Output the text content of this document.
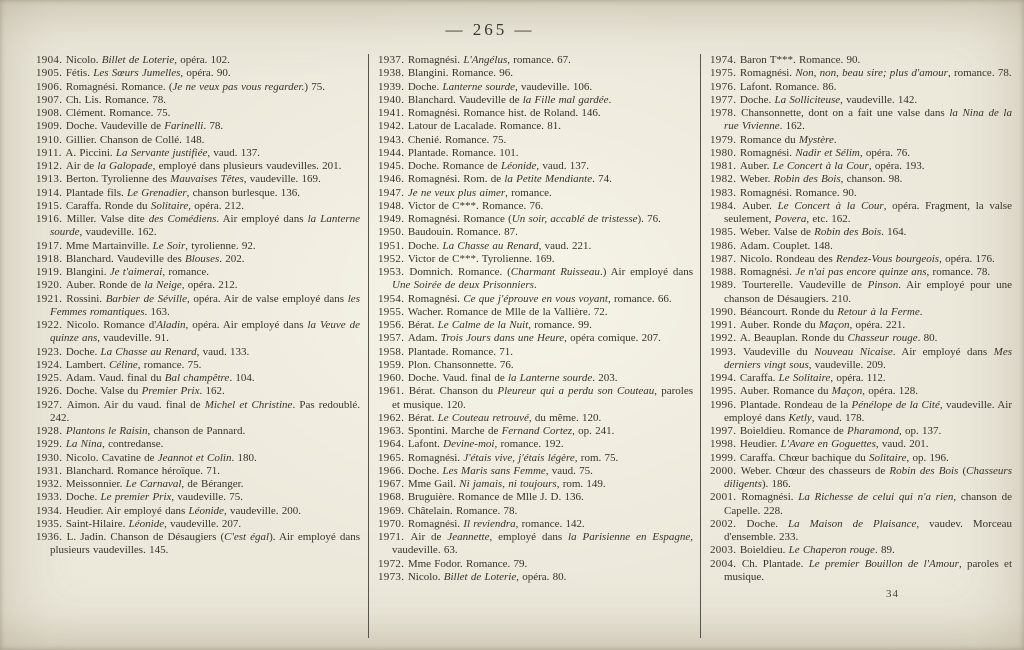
— 265 —
1904. Nicolo. Billet de Loterie, opéra. 102.
1905. Fétis. Les Sœurs Jumelles, opéra. 90.
1906. Romagnési. Romance. (Je ne veux pas vous regarder.) 75.
1907. Ch. Lis. Romance. 78.
1908. Clément. Romance. 75.
1909. Doche. Vaudeville de Farinelli. 78.
1910. Gillier. Chanson de Collé. 148.
1911. A. Piccini. La Servante justifiée, vaud. 137.
1912. Air de la Galopade, employé dans plusieurs vaudevilles. 201.
1913. Berton. Tyrolienne des Mauvaises Têtes, vaudeville. 169.
1914. Plantade fils. Le Grenadier, chanson burlesque. 136.
1915. Caraffa. Ronde du Solitaire, opéra. 212.
1916. Miller. Valse dite des Comédiens. Air employé dans la Lanterne sourde, vaudeville. 162.
1917. Mme Martainville. Le Soir, tyrolienne. 92.
1918. Blanchard. Vaudeville des Blouses. 202.
1919. Blangini. Je t'aimerai, romance.
1920. Auber. Ronde de la Neige, opéra. 212.
1921. Rossini. Barbier de Séville, opéra. Air de valse employé dans les Femmes romantiques. 163.
1922. Nicolo. Romance d'Aladin, opéra. Air employé dans la Veuve de quinze ans, vaudeville. 91.
1923. Doche. La Chasse au Renard, vaud. 133.
1924. Lambert. Céline, romance. 75.
1925. Adam. Vaud. final du Bal champêtre. 104.
1926. Doche. Valse du Premier Prix. 162.
1927. Aimon. Air du vaud. final de Michel et Christine. Pas redoublé. 242.
1928. Plantons le Raisin, chanson de Pannard.
1929. La Nina, contredanse.
1930. Nicolo. Cavatine de Jeannot et Colin. 180.
1931. Blanchard. Romance héroïque. 71.
1932. Meissonnier. Le Carnaval, de Béranger.
1933. Doche. Le premier Prix, vaudeville. 75.
1934. Heudier. Air employé dans Léonide, vaudeville. 200.
1935. Saint-Hilaire. Léonide, vaudeville. 207.
1936. L. Jadin. Chanson de Désaugiers (C'est égal). Air employé dans plusieurs vaudevilles. 145.
1937. Romagnési. L'Angélus, romance. 67.
1938. Blangini. Romance. 96.
1939. Doche. Lanterne sourde, vaudeville. 106.
1940. Blanchard. Vaudeville de la Fille mal gardée.
1941. Romagnési. Romance hist. de Roland. 146.
1942. Latour de Lacalade. Romance. 81.
1943. Chenié. Romance. 75.
1944. Plantade. Romance. 101.
1945. Doche. Romance de Léonide, vaud. 137.
1946. Romagnési. Rom. de la Petite Mendiante. 74.
1947. Je ne veux plus aimer, romance.
1948. Victor de C***. Romance. 76.
1949. Romagnési. Romance (Un soir, accablé de tristesse). 76.
1950. Baudouin. Romance. 87.
1951. Doche. La Chasse au Renard, vaud. 221.
1952. Victor de C***. Tyrolienne. 169.
1953. Domnich. Romance. (Charmant Ruisseau.) Air employé dans Une Soirée de deux Prisonniers.
1954. Romagnési. Ce que j'éprouve en vous voyant, romance. 66.
1955. Wacher. Romance de Mlle de la Vallière. 72.
1956. Bérat. Le Calme de la Nuit, romance. 99.
1957. Adam. Trois Jours dans une Heure, opéra comique. 207.
1958. Plantade. Romance. 71.
1959. Plon. Chansonnette. 76.
1960. Doche. Vaud. final de la Lanterne sourde. 203.
1961. Bérat. Chanson du Pleureur qui a perdu son Couteau, paroles et musique. 120.
1962. Bérat. Le Couteau retrouvé, du même. 120.
1963. Spontini. Marche de Fernand Cortez, op. 241.
1964. Lafont. Devine-moi, romance. 192.
1965. Romagnési. J'étais vive, j'étais légère, rom. 75.
1966. Doche. Les Maris sans Femme, vaud. 75.
1967. Mme Gail. Ni jamais, ni toujours, rom. 149.
1968. Bruguière. Romance de Mlle J. D. 136.
1969. Châtelain. Romance. 78.
1970. Romagnési. Il reviendra, romance. 142.
1971. Air de Jeannette, employé dans la Parisienne en Espagne, vaudeville. 63.
1972. Mme Fodor. Romance. 79.
1973. Nicolo. Billet de Loterie, opéra. 80.
1974. Baron T***. Romance. 90.
1975. Romagnési. Non, non, beau sire; plus d'amour, romance. 78.
1976. Lafont. Romance. 86.
1977. Doche. La Solliciteuse, vaudeville. 142.
1978. Chansonnette, dont on a fait une valse dans la Nina de la rue Vivienne. 162.
1979. Romance du Mystère.
1980. Romagnési. Nadir et Sélim, opéra. 76.
1981. Auber. Le Concert à la Cour, opéra. 193.
1982. Weber. Robin des Bois, chanson. 98.
1983. Romagnési. Romance. 90.
1984. Auber. Le Concert à la Cour, opéra. Fragment, la valse seulement, Povera, etc. 162.
1985. Weber. Valse de Robin des Bois. 164.
1986. Adam. Couplet. 148.
1987. Nicolo. Rondeau des Rendez-Vous bourgeois, opéra. 176.
1988. Romagnési. Je n'ai pas encore quinze ans, romance. 78.
1989. Tourterelle. Vaudeville de Pinson. Air employé pour une chanson de Désaugiers. 210.
1990. Béancourt. Ronde du Retour à la Ferme.
1991. Auber. Ronde du Maçon, opéra. 221.
1992. A. Beauplan. Ronde du Chasseur rouge. 80.
1993. Vaudeville du Nouveau Nicaise. Air employé dans Mes derniers vingt sous, vaudeville. 209.
1994. Caraffa. Le Solitaire, opéra. 112.
1995. Auber. Romance du Maçon, opéra. 128.
1996. Plantade. Rondeau de la Pénélope de la Cité, vaudeville. Air employé dans Ketly, vaud. 178.
1997. Boieldieu. Romance de Pharamond, op. 137.
1998. Heudier. L'Avare en Goguettes, vaud. 201.
1999. Caraffa. Chœur bachique du Solitaire, op. 196.
2000. Weber. Chœur des chasseurs de Robin des Bois (Chasseurs diligents). 186.
2001. Romagnési. La Richesse de celui qui n'a rien, chanson de Capelle. 228.
2002. Doche. La Maison de Plaisance, vaudev. Morceau d'ensemble. 233.
2003. Boieldieu. Le Chaperon rouge. 89.
2004. Ch. Plantade. Le premier Bouillon de l'Amour, paroles et musique.
34
